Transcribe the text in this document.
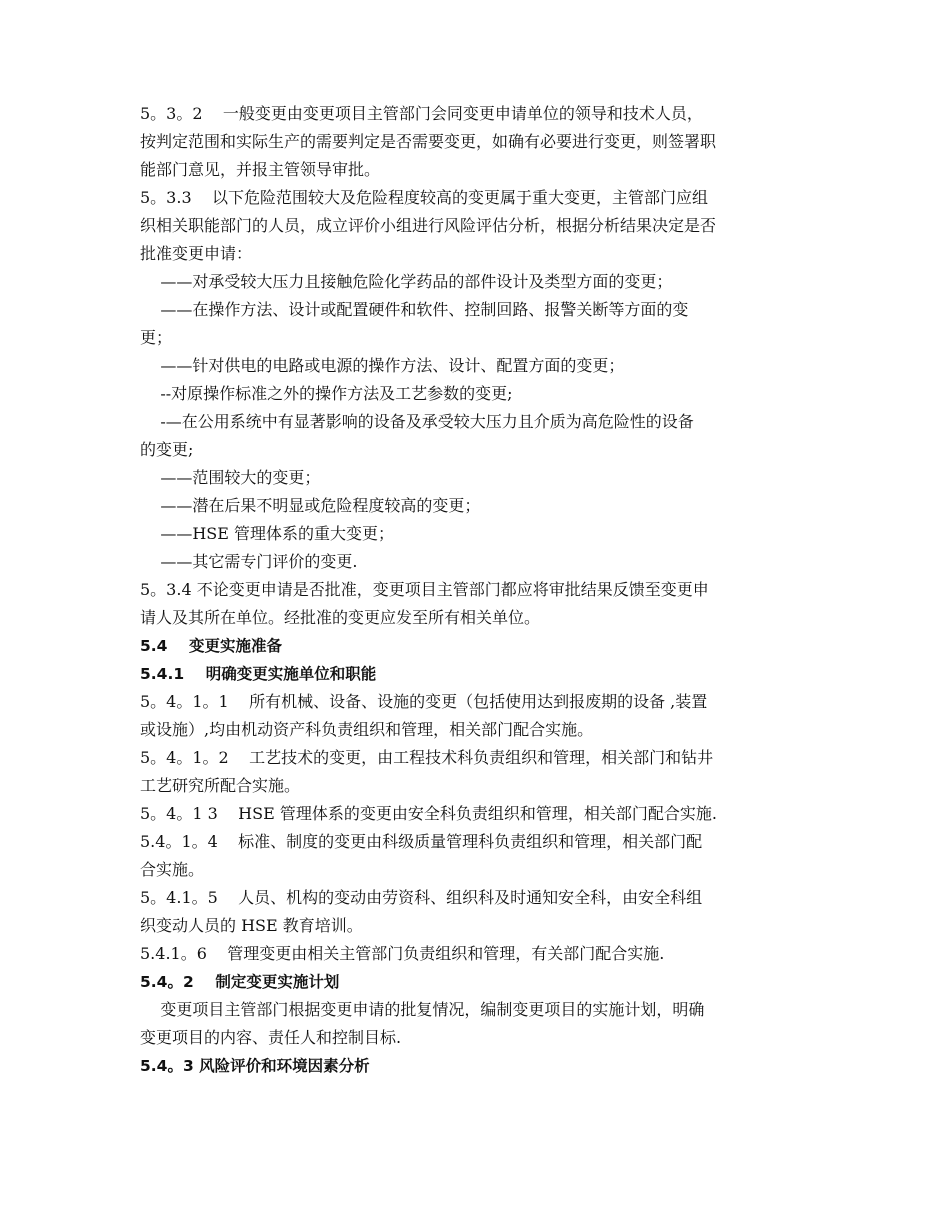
5。3。2    一般变更由变更项目主管部门会同变更申请单位的领导和技术人员，
按判定范围和实际生产的需要判定是否需要变更，如确有必要进行变更，则签署职
能部门意见，并报主管领导审批。
5。3.3    以下危险范围较大及危险程度较高的变更属于重大变更，主管部门应组
织相关职能部门的人员，成立评价小组进行风险评估分析，根据分析结果决定是否
批准变更申请：
——对承受较大压力且接触危险化学药品的部件设计及类型方面的变更；
——在操作方法、设计或配置硬件和软件、控制回路、报警关断等方面的变
更；
——针对供电的电路或电源的操作方法、设计、配置方面的变更；
--对原操作标准之外的操作方法及工艺参数的变更;
-—在公用系统中有显著影响的设备及承受较大压力且介质为高危险性的设备
的变更;
——范围较大的变更；
——潜在后果不明显或危险程度较高的变更；
——HSE 管理体系的重大变更；
——其它需专门评价的变更.
5。3.4 不论变更申请是否批准，变更项目主管部门都应将审批结果反馈至变更申
请人及其所在单位。经批准的变更应发至所有相关单位。
5.4    变更实施准备
5.4.1    明确变更实施单位和职能
5。4。1。1    所有机械、设备、设施的变更（包括使用达到报废期的设备 ,装置
或设施）,均由机动资产科负责组织和管理，相关部门配合实施。
5。4。1。2    工艺技术的变更，由工程技术科负责组织和管理，相关部门和钻井
工艺研究所配合实施。
5。4。1 3    HSE 管理体系的变更由安全科负责组织和管理，相关部门配合实施.
5.4。1。4    标准、制度的变更由科级质量管理科负责组织和管理，相关部门配
合实施。
5。4.1。5    人员、机构的变动由劳资科、组织科及时通知安全科，由安全科组
织变动人员的 HSE 教育培训。
5.4.1。6    管理变更由相关主管部门负责组织和管理，有关部门配合实施.
5.4。2    制定变更实施计划
变更项目主管部门根据变更申请的批复情况，编制变更项目的实施计划，明确
变更项目的内容、责任人和控制目标.
5.4。3 风险评价和环境因素分析
